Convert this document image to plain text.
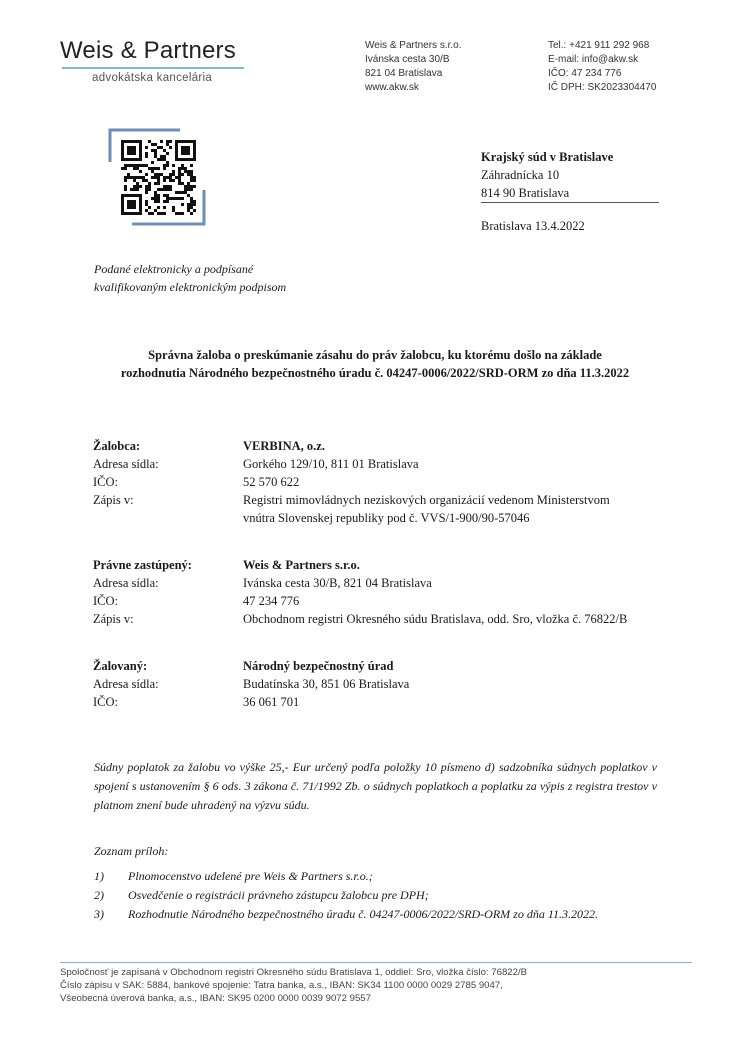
Weis & Partners
advokátska kancelária
Weis & Partners s.r.o.
Ivánska cesta 30/B
821 04 Bratislava
www.akw.sk
Tel.: +421 911 292 968
E-mail: info@akw.sk
IČO: 47 234 776
IČ DPH: SK2023304470
Krajský súd v Bratislave
Záhradnícka 10
814 90 Bratislava
Bratislava 13.4.2022
Podané elektronicky a podpísané
kvalifikovaným elektronickým podpisom
Správna žaloba o preskúmanie zásahu do práv žalobcu, ku ktorému došlo na základe
rozhodnutia Národného bezpečnostného úradu č. 04247-0006/2022/SRD-ORM zo dňa 11.3.2022
Žalobca:	VERBINA, o.z.
Adresa sídla:	Gorkého 129/10, 811 01 Bratislava
IČO:	52 570 622
Zápis v:	Registri mimovládnych neziskových organizácií vedenom Ministerstvom
vnútra Slovenskej republiky pod č. VVS/1-900/90-57046
Právne zastúpený:	Weis & Partners s.r.o.
Adresa sídla:	Ivánska cesta 30/B, 821 04 Bratislava
IČO:	47 234 776
Zápis v:	Obchodnom registri Okresného súdu Bratislava, odd. Sro, vložka č. 76822/B
Žalovaný:	Národný bezpečnostný úrad
Adresa sídla:	Budatínska 30, 851 06 Bratislava
IČO:	36 061 701
Súdny poplatok za žalobu vo výške 25,- Eur určený podľa položky 10 písmeno d) sadzobníka súdnych poplatkov v spojení s ustanovením § 6 ods. 3 zákona č. 71/1992 Zb. o súdnych poplatkoch a poplatku za výpis z registra trestov v platnom znení bude uhradený na výzvu súdu.
Zoznam príloh:
1) Plnomocenstvo udelené pre Weis & Partners s.r.o.;
2) Osvedčenie o registrácii právneho zástupcu žalobcu pre DPH;
3) Rozhodnutie Národného bezpečnostného úradu č. 04247-0006/2022/SRD-ORM zo dňa 11.3.2022.
Spoločnosť je zapísaná v Obchodnom registri Okresného súdu Bratislava 1, oddiel: Sro, vložka číslo: 76822/B
Číslo zápisu v SAK: 5884, bankové spojenie: Tatra banka, a.s., IBAN: SK34 1100 0000 0029 2785 9047,
Všeobecná úverová banka, a.s., IBAN: SK95 0200 0000 0039 9072 9557
